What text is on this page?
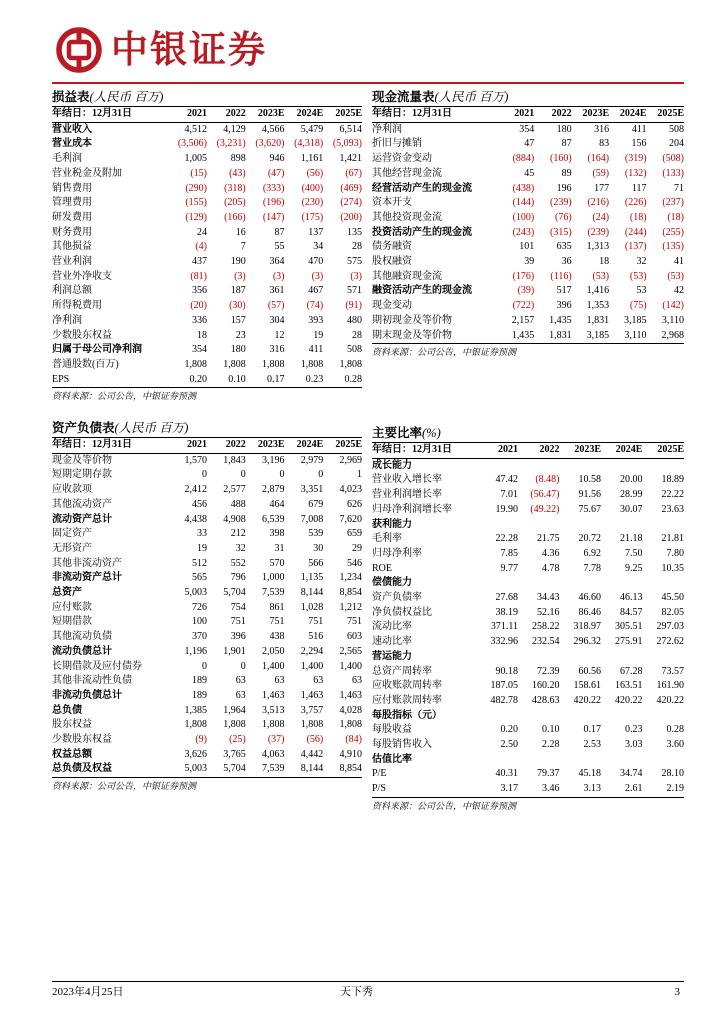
中银证券
损益表(人民币 百万)
年结日：12月31日	2021	2022	2023E	2024E	2025E
营业收入	4,512	4,129	4,566	5,479	6,514
营业成本	(3,506)	(3,231)	(3,620)	(4,318)	(5,093)
毛利润	1,005	898	946	1,161	1,421
营业税金及附加	(15)	(43)	(47)	(56)	(67)
销售费用	(290)	(318)	(333)	(400)	(469)
管理费用	(155)	(205)	(196)	(230)	(274)
研发费用	(129)	(166)	(147)	(175)	(200)
财务费用	24	16	87	137	135
其他损益	(4)	7	55	34	28
营业利润	437	190	364	470	575
营业外净收支	(81)	(3)	(3)	(3)	(3)
利润总额	356	187	361	467	571
所得税费用	(20)	(30)	(57)	(74)	(91)
净利润	336	157	304	393	480
少数股东权益	18	23	12	19	28
归属于母公司净利润	354	180	316	411	508
普通股数(百万)	1,808	1,808	1,808	1,808	1,808
EPS	0.20	0.10	0.17	0.23	0.28
资料来源：公司公告，中银证券预测
现金流量表(人民币 百万)
年结日：12月31日	2021	2022	2023E	2024E	2025E
净利润	354	180	316	411	508
折旧与摊销	47	87	83	156	204
运营资金变动	(884)	(160)	(164)	(319)	(508)
其他经营现金流	45	89	(59)	(132)	(133)
经营活动产生的现金流	(438)	196	177	117	71
资本开支	(144)	(239)	(216)	(226)	(237)
其他投资现金流	(100)	(76)	(24)	(18)	(18)
投资活动产生的现金流	(243)	(315)	(239)	(244)	(255)
债务融资	101	635	1,313	(137)	(135)
股权融资	39	36	18	32	41
其他融资现金流	(176)	(116)	(53)	(53)	(53)
融资活动产生的现金流	(39)	517	1,416	53	42
现金变动	(722)	396	1,353	(75)	(142)
期初现金及等价物	2,157	1,435	1,831	3,185	3,110
期末现金及等价物	1,435	1,831	3,185	3,110	2,968
资料来源：公司公告，中银证券预测
资产负债表(人民币 百万)
年结日：12月31日	2021	2022	2023E	2024E	2025E
现金及等价物	1,570	1,843	3,196	2,979	2,969
短期定期存款	0	0	0	0	1
应收款项	2,412	2,577	2,879	3,351	4,023
其他流动资产	456	488	464	679	626
流动资产总计	4,438	4,908	6,539	7,008	7,620
固定资产	33	212	398	539	659
无形资产	19	32	31	30	29
其他非流动资产	512	552	570	566	546
非流动资产总计	565	796	1,000	1,135	1,234
总资产	5,003	5,704	7,539	8,144	8,854
应付账款	726	754	861	1,028	1,212
短期借款	100	751	751	751	751
其他流动负债	370	396	438	516	603
流动负债总计	1,196	1,901	2,050	2,294	2,565
长期借款及应付债券	0	0	1,400	1,400	1,400
其他非流动性负债	189	63	63	63	63
非流动负债总计	189	63	1,463	1,463	1,463
总负债	1,385	1,964	3,513	3,757	4,028
股东权益	1,808	1,808	1,808	1,808	1,808
少数股东权益	(9)	(25)	(37)	(56)	(84)
权益总额	3,626	3,765	4,063	4,442	4,910
总负债及权益	5,003	5,704	7,539	8,144	8,854
资料来源：公司公告，中银证券预测
主要比率(%)
年结日：12月31日	2021	2022	2023E	2024E	2025E
成长能力					
营业收入增长率	47.42	(8.48)	10.58	20.00	18.89
营业利润增长率	7.01	(56.47)	91.56	28.99	22.22
归母净利润增长率	19.90	(49.22)	75.67	30.07	23.63
获利能力					
毛利率	22.28	21.75	20.72	21.18	21.81
归母净利率	7.85	4.36	6.92	7.50	7.80
ROE	9.77	4.78	7.78	9.25	10.35
偿债能力					
资产负债率	27.68	34.43	46.60	46.13	45.50
净负债权益比	38.19	52.16	86.46	84.57	82.05
流动比率	371.11	258.22	318.97	305.51	297.03
速动比率	332.96	232.54	296.32	275.91	272.62
营运能力					
总资产周转率	90.18	72.39	60.56	67.28	73.57
应收账款周转率	187.05	160.20	158.61	163.51	161.90
应付账款周转率	482.78	428.63	420.22	420.22	420.22
每股指标（元）					
每股收益	0.20	0.10	0.17	0.23	0.28
每股销售收入	2.50	2.28	2.53	3.03	3.60
估值比率					
P/E	40.31	79.37	45.18	34.74	28.10
P/S	3.17	3.46	3.13	2.61	2.19
资料来源：公司公告，中银证券预测
2023年4月25日	天下秀	3
